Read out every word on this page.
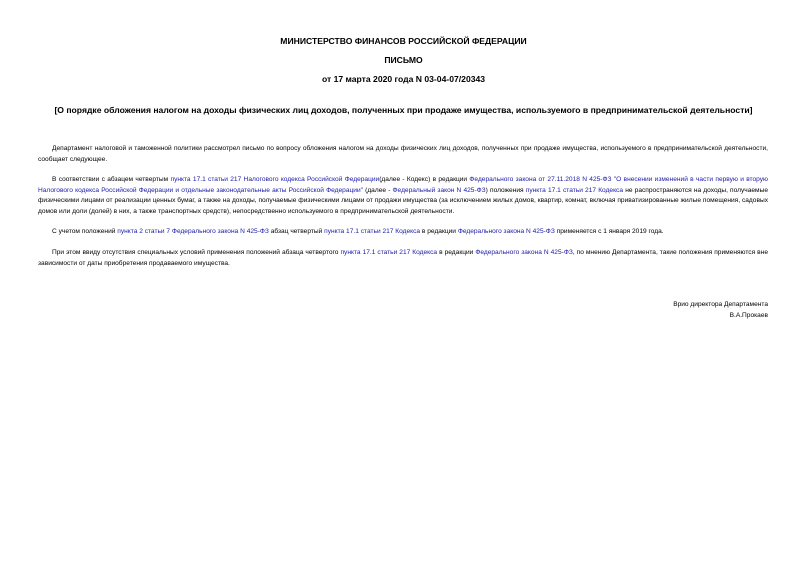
МИНИСТЕРСТВО ФИНАНСОВ РОССИЙСКОЙ ФЕДЕРАЦИИ
ПИСЬМО
от 17 марта 2020 года N 03-04-07/20343
[О порядке обложения налогом на доходы физических лиц доходов, полученных при продаже имущества, используемого в предпринимательской деятельности]

Департамент налоговой и таможенной политики рассмотрел письмо по вопросу обложения налогом на доходы физических лиц доходов, полученных при продаже имущества, используемого в предпринимательской деятельности, сообщает следующее.

В соответствии с абзацем четвертым пункта 17.1 статьи 217 Налогового кодекса Российской Федерации(далее - Кодекс) в редакции Федерального закона от 27.11.2018 N 425-ФЗ "О внесении изменений в части первую и вторую Налогового кодекса Российской Федерации и отдельные законодательные акты Российской Федерации" (далее - Федеральный закон N 425-ФЗ) положения пункта 17.1 статьи 217 Кодекса не распространяются на доходы, получаемые физическими лицами от реализации ценных бумаг, а также на доходы, получаемые физическими лицами от продажи имущества (за исключением жилых домов, квартир, комнат, включая приватизированные жилые помещения, садовых домов или доли (долей) в них, а также транспортных средств), непосредственно используемого в предпринимательской деятельности.

С учетом положений пункта 2 статьи 7 Федерального закона N 425-ФЗ абзац четвертый пункта 17.1 статьи 217 Кодекса в редакции Федерального закона N 425-ФЗ применяется с 1 января 2019 года.

При этом ввиду отсутствия специальных условий применения положений абзаца четвертого пункта 17.1 статьи 217 Кодекса в редакции Федерального закона N 425-ФЗ, по мнению Департамента, такие положения применяются вне зависимости от даты приобретения продаваемого имущества.

Врио директора Департамента
В.А.Прокаев
